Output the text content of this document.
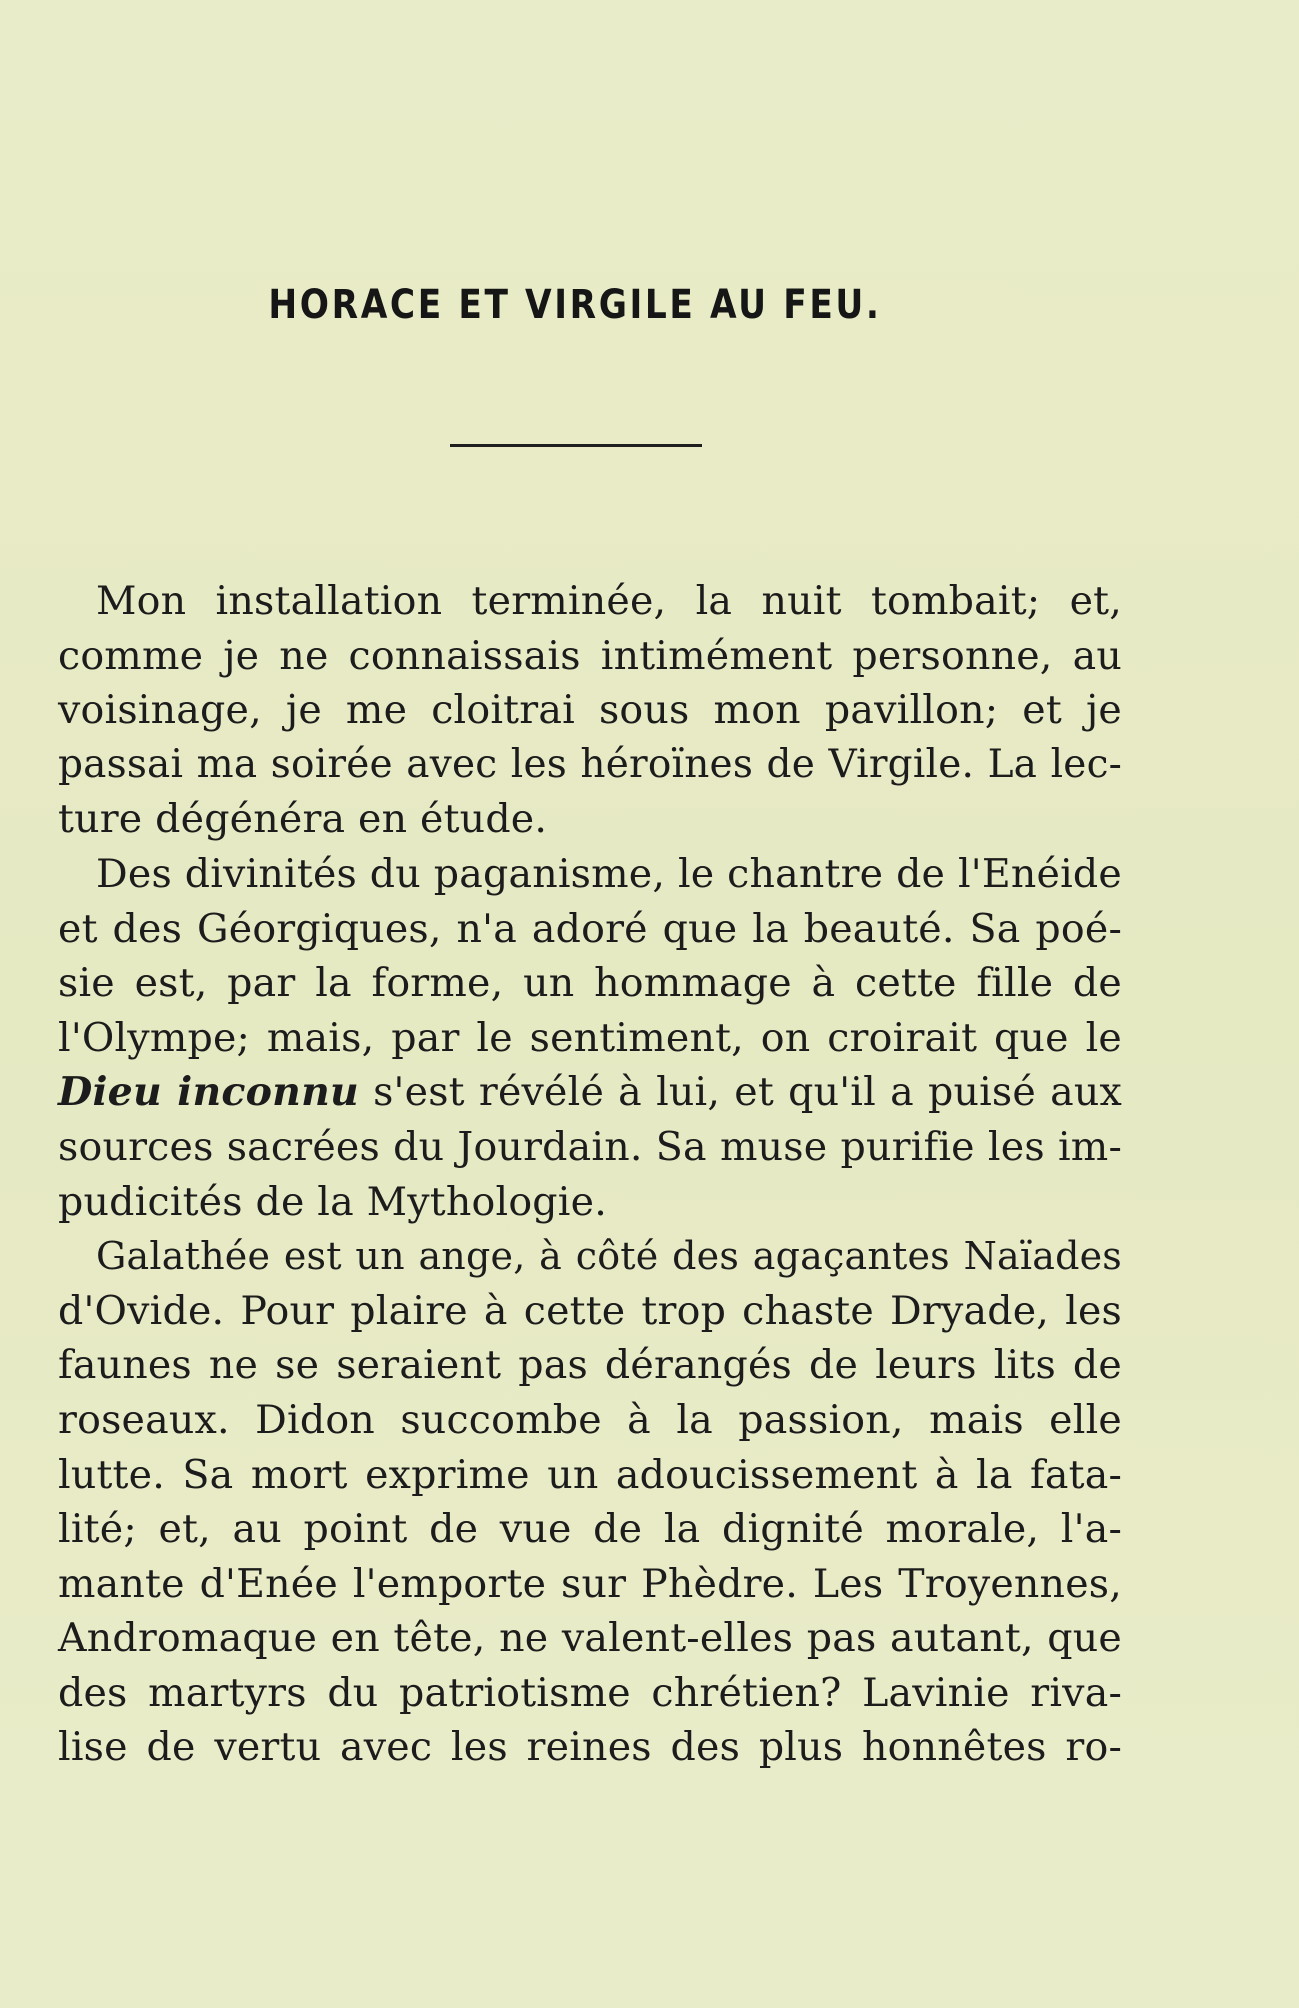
HORACE ET VIRGILE AU FEU.
Mon installation terminée, la nuit tombait; et,
comme je ne connaissais intimément personne, au
voisinage, je me cloitrai sous mon pavillon; et je
passai ma soirée avec les héroïnes de Virgile. La lec-
ture dégénéra en étude.
Des divinités du paganisme, le chantre de l'Enéide
et des Géorgiques, n'a adoré que la beauté. Sa poé-
sie est, par la forme, un hommage à cette fille de
l'Olympe; mais, par le sentiment, on croirait que le
Dieu inconnu s'est révélé à lui, et qu'il a puisé aux
sources sacrées du Jourdain. Sa muse purifie les im-
pudicités de la Mythologie.
Galathée est un ange, à côté des agaçantes Naïades
d'Ovide. Pour plaire à cette trop chaste Dryade, les
faunes ne se seraient pas dérangés de leurs lits de
roseaux. Didon succombe à la passion, mais elle
lutte. Sa mort exprime un adoucissement à la fata-
lité; et, au point de vue de la dignité morale, l'a-
mante d'Enée l'emporte sur Phèdre. Les Troyennes,
Andromaque en tête, ne valent-elles pas autant, que
des martyrs du patriotisme chrétien? Lavinie riva-
lise de vertu avec les reines des plus honnêtes ro-
